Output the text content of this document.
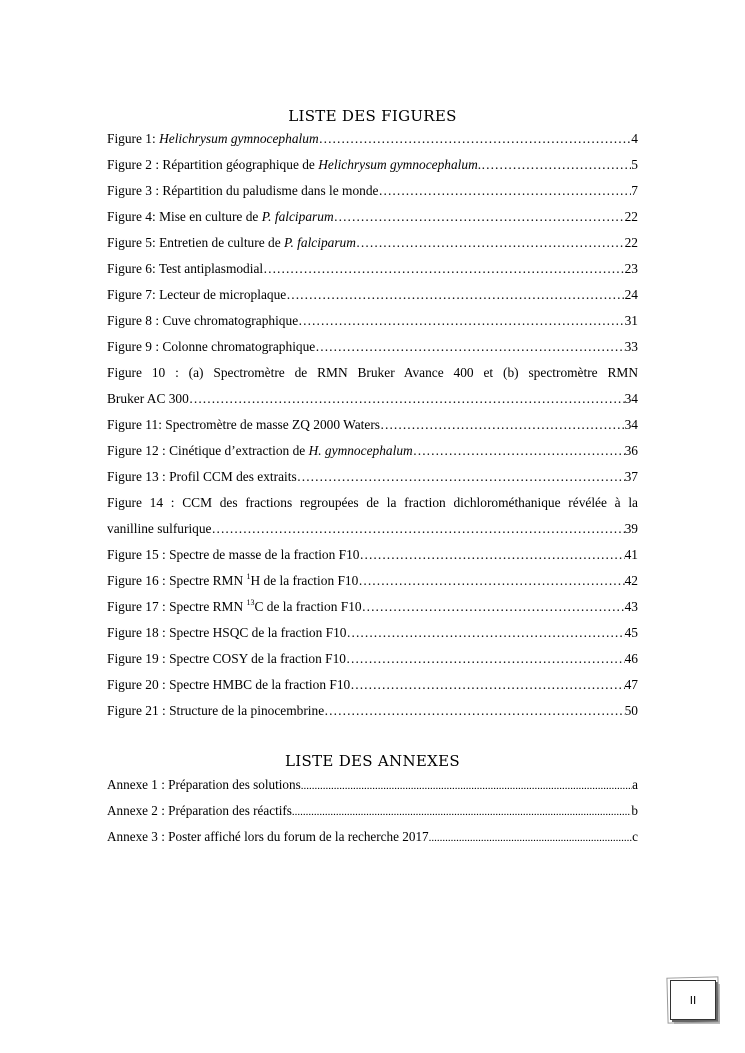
LISTE DES FIGURES
Figure 1: Helichrysum gymnocephalum …………………………………………………………………………………………………………………………………………………………	4
Figure 2 : Répartition géographique de Helichrysum gymnocephalum. …………………………………………………………………………………………………………………………………………………………	5
Figure 3 : Répartition du paludisme dans le monde …………………………………………………………………………………………………………………………………………………………	7
Figure 4: Mise en culture de P. falciparum …………………………………………………………………………………………………………………………………………………………	22
Figure 5: Entretien de culture de P. falciparum …………………………………………………………………………………………………………………………………………………………	22
Figure 6: Test antiplasmodial …………………………………………………………………………………………………………………………………………………………	23
Figure 7: Lecteur de microplaque …………………………………………………………………………………………………………………………………………………………	24
Figure 8 : Cuve chromatographique …………………………………………………………………………………………………………………………………………………………	31
Figure 9 : Colonne chromatographique …………………………………………………………………………………………………………………………………………………………	33
Figure 10 : (a) Spectromètre de RMN Bruker Avance 400 et (b) spectromètre RMN
Bruker AC 300 …………………………………………………………………………………………………………………………………………………………	34
Figure 11: Spectromètre de masse ZQ 2000 Waters …………………………………………………………………………………………………………………………………………………………	34
Figure 12 : Cinétique d’extraction de H. gymnocephalum …………………………………………………………………………………………………………………………………………………………	36
Figure 13 : Profil CCM des extraits …………………………………………………………………………………………………………………………………………………………	37
Figure 14 : CCM des fractions regroupées de la fraction dichlorométhanique révélée à la
vanilline sulfurique …………………………………………………………………………………………………………………………………………………………	39
Figure 15 : Spectre de masse de la fraction F10 …………………………………………………………………………………………………………………………………………………………	41
Figure 16 : Spectre RMN $^1$H de la fraction F10 …………………………………………………………………………………………………………………………………………………………	42
Figure 17 : Spectre RMN $^{13}$C de la fraction F10 …………………………………………………………………………………………………………………………………………………………	43
Figure 18 : Spectre HSQC de la fraction F10 …………………………………………………………………………………………………………………………………………………………	45
Figure 19 : Spectre COSY de la fraction F10 …………………………………………………………………………………………………………………………………………………………	46
Figure 20 : Spectre HMBC de la fraction F10 …………………………………………………………………………………………………………………………………………………………	47
Figure 21 : Structure de la pinocembrine …………………………………………………………………………………………………………………………………………………………	50
LISTE DES ANNEXES
Annexe 1 : Préparation des solutions .....	a
Annexe 2 : Préparation des réactifs .....	b
Annexe 3 : Poster affiché lors du forum de la recherche 2017 .....	c
II
